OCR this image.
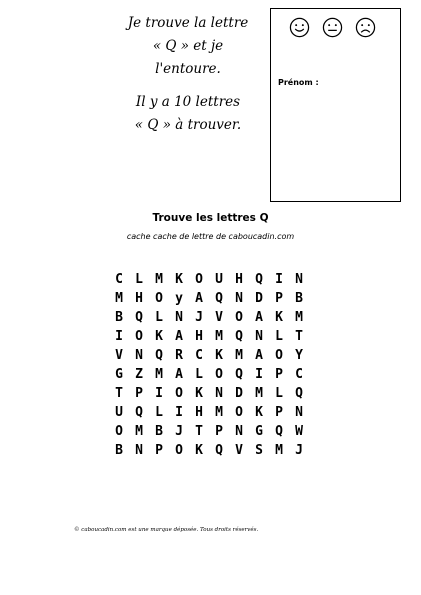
Je trouve la lettre
« Q » et je
l'entoure.
Il y a 10 lettres
« Q » à trouver.
Prénom :
Trouve les lettres Q
cache cache de lettre de caboucadin.com
C L M K O U H Q I N
M H O y A Q N D P B
B Q L N J V O A K M
I O K A H M Q N L T
V N Q R C K M A O Y
G Z M A L O Q I P C
T P I O K N D M L Q
U Q L I H M O K P N
O M B J T P N G Q W
B N P O K Q V S M J
© caboucadin.com est une marque déposée. Tous droits réservés.
